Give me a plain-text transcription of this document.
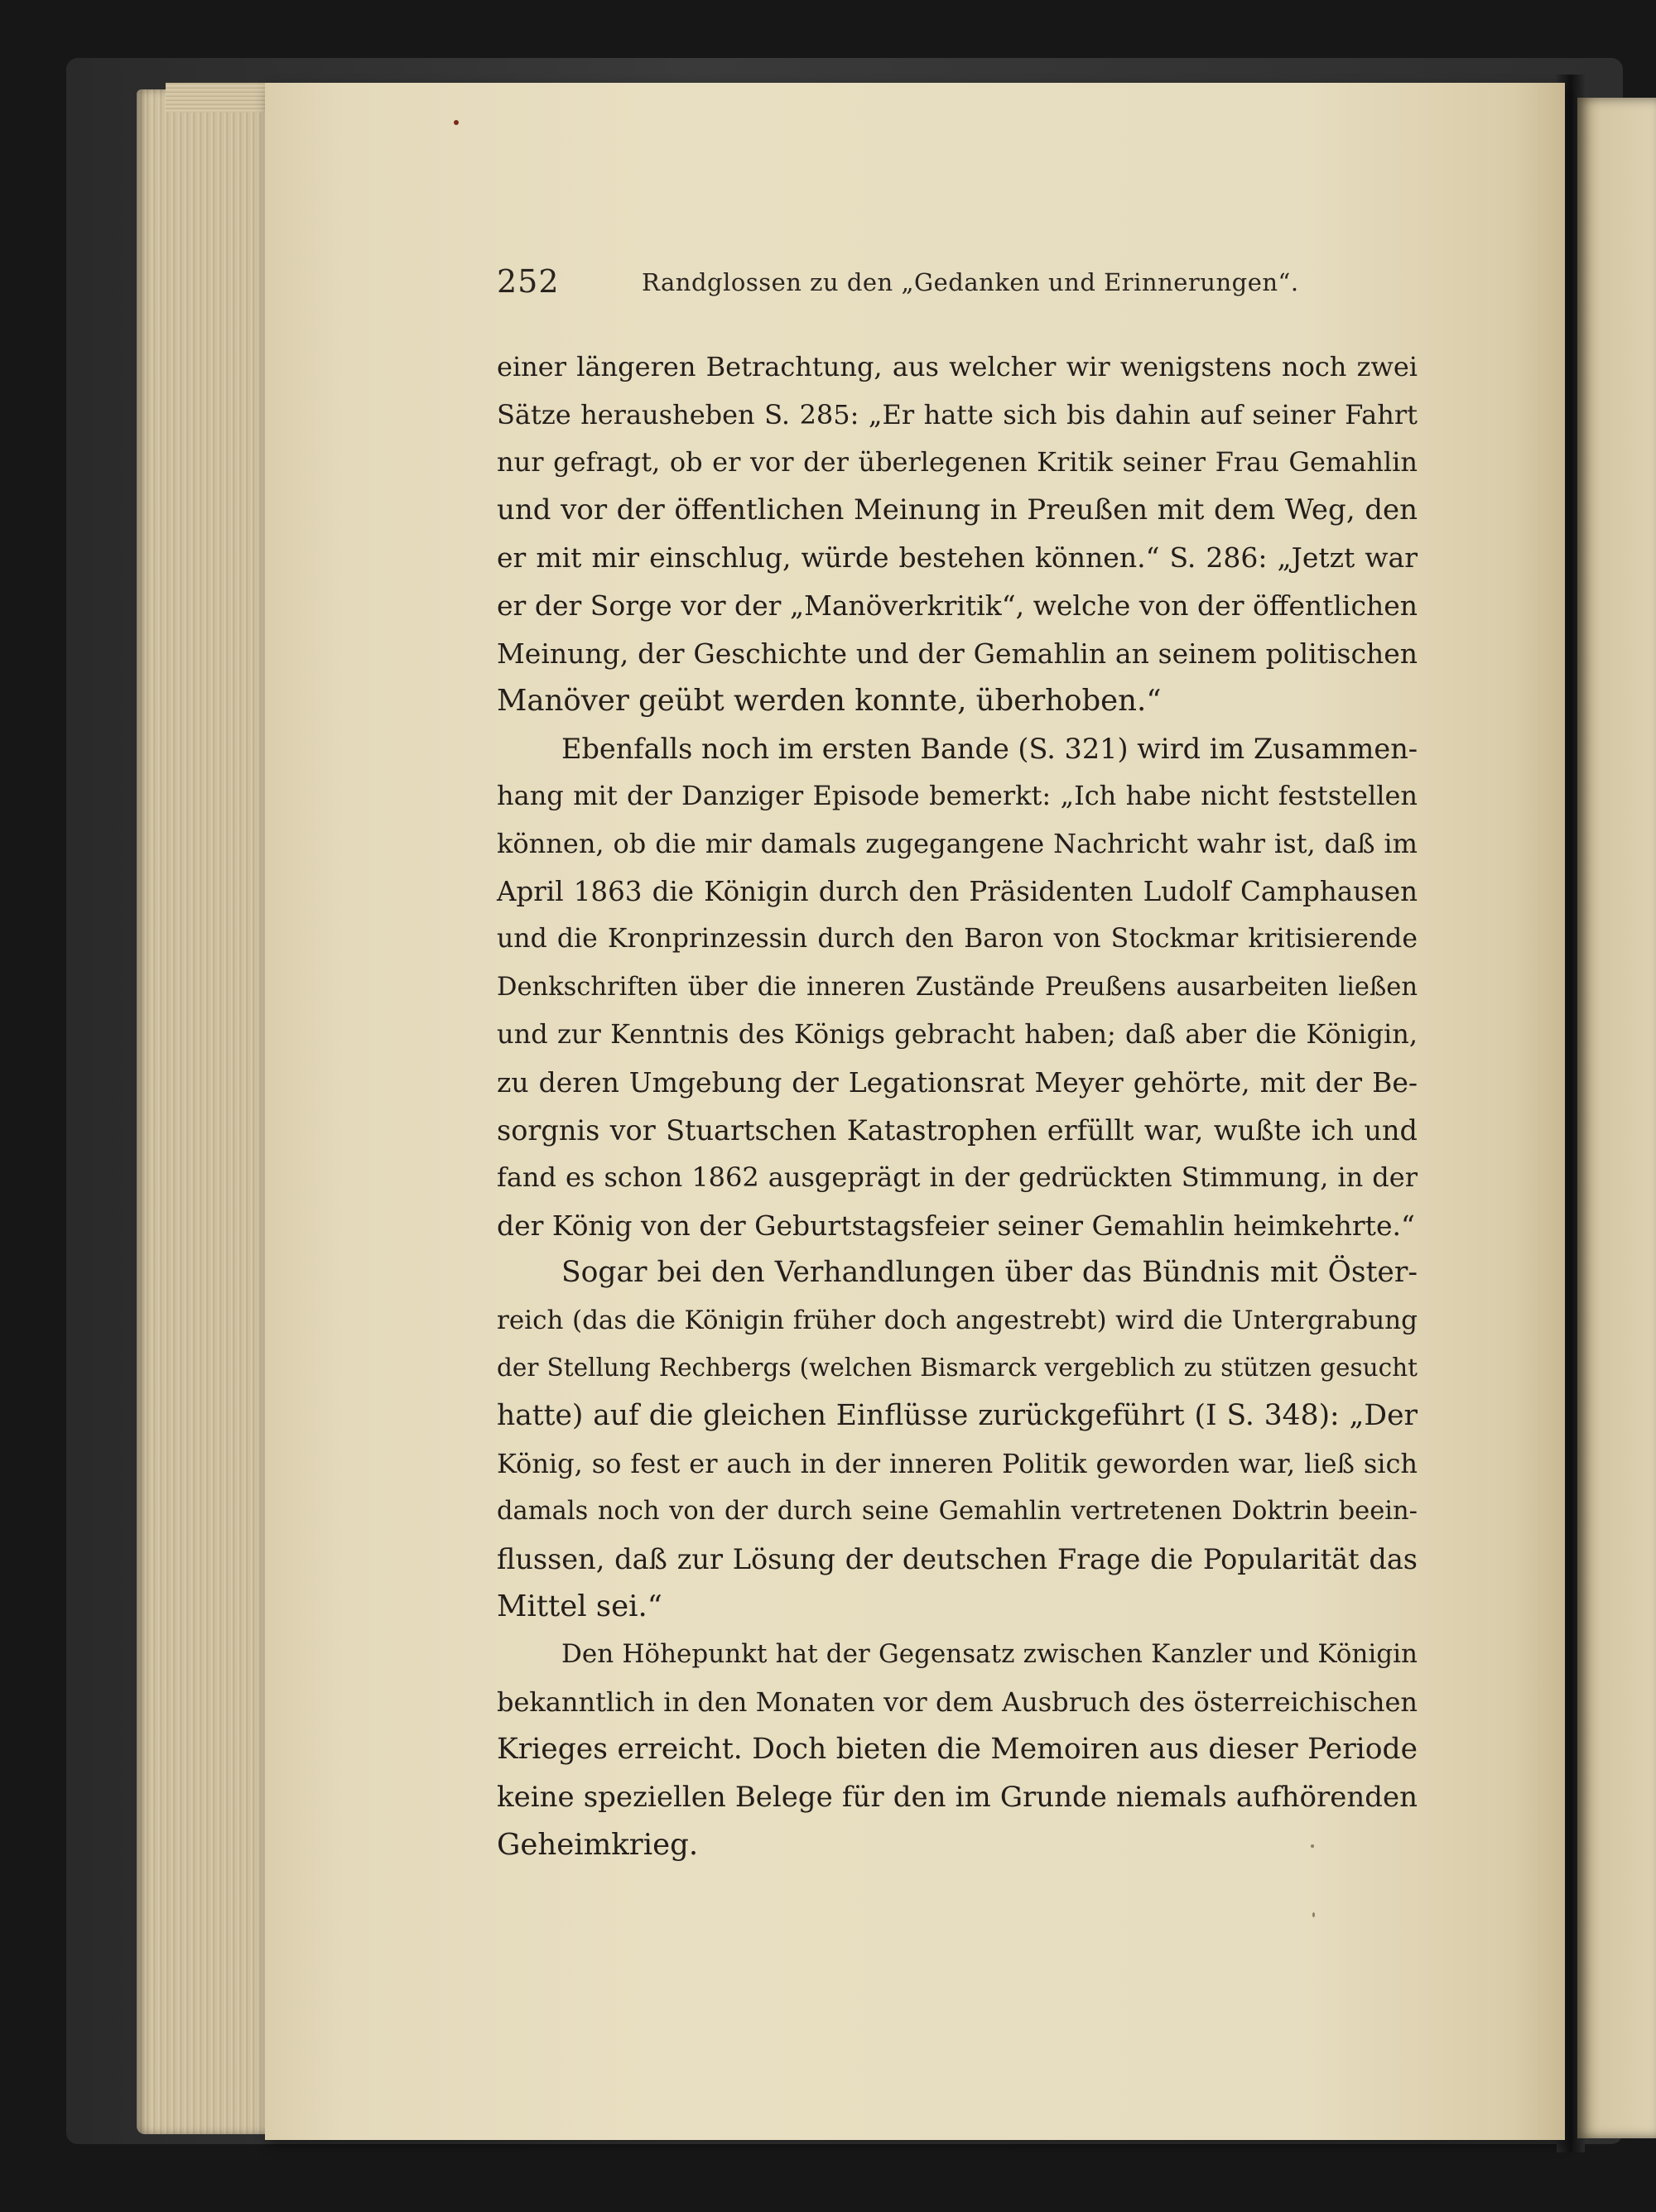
252	Randglossen zu den „Gedanken und Erinnerungen“.
einer längeren Betrachtung, aus welcher wir wenigstens noch zwei
Sätze herausheben S. 285: „Er hatte sich bis dahin auf seiner Fahrt
nur gefragt, ob er vor der überlegenen Kritik seiner Frau Gemahlin
und vor der öffentlichen Meinung in Preußen mit dem Weg, den
er mit mir einschlug, würde bestehen können.“ S. 286: „Jetzt war
er der Sorge vor der „Manöverkritik“, welche von der öffentlichen
Meinung, der Geschichte und der Gemahlin an seinem politischen
Manöver geübt werden konnte, überhoben.“
Ebenfalls noch im ersten Bande (S. 321) wird im Zusammen-
hang mit der Danziger Episode bemerkt: „Ich habe nicht feststellen
können, ob die mir damals zugegangene Nachricht wahr ist, daß im
April 1863 die Königin durch den Präsidenten Ludolf Camphausen
und die Kronprinzessin durch den Baron von Stockmar kritisierende
Denkschriften über die inneren Zustände Preußens ausarbeiten ließen
und zur Kenntnis des Königs gebracht haben; daß aber die Königin,
zu deren Umgebung der Legationsrat Meyer gehörte, mit der Be-
sorgnis vor Stuartschen Katastrophen erfüllt war, wußte ich und
fand es schon 1862 ausgeprägt in der gedrückten Stimmung, in der
der König von der Geburtstagsfeier seiner Gemahlin heimkehrte.“
Sogar bei den Verhandlungen über das Bündnis mit Öster-
reich (das die Königin früher doch angestrebt) wird die Untergrabung
der Stellung Rechbergs (welchen Bismarck vergeblich zu stützen gesucht
hatte) auf die gleichen Einflüsse zurückgeführt (I S. 348): „Der
König, so fest er auch in der inneren Politik geworden war, ließ sich
damals noch von der durch seine Gemahlin vertretenen Doktrin beein-
flussen, daß zur Lösung der deutschen Frage die Popularität das
Mittel sei.“
Den Höhepunkt hat der Gegensatz zwischen Kanzler und Königin
bekanntlich in den Monaten vor dem Ausbruch des österreichischen
Krieges erreicht. Doch bieten die Memoiren aus dieser Periode
keine speziellen Belege für den im Grunde niemals aufhörenden
Geheimkrieg.
